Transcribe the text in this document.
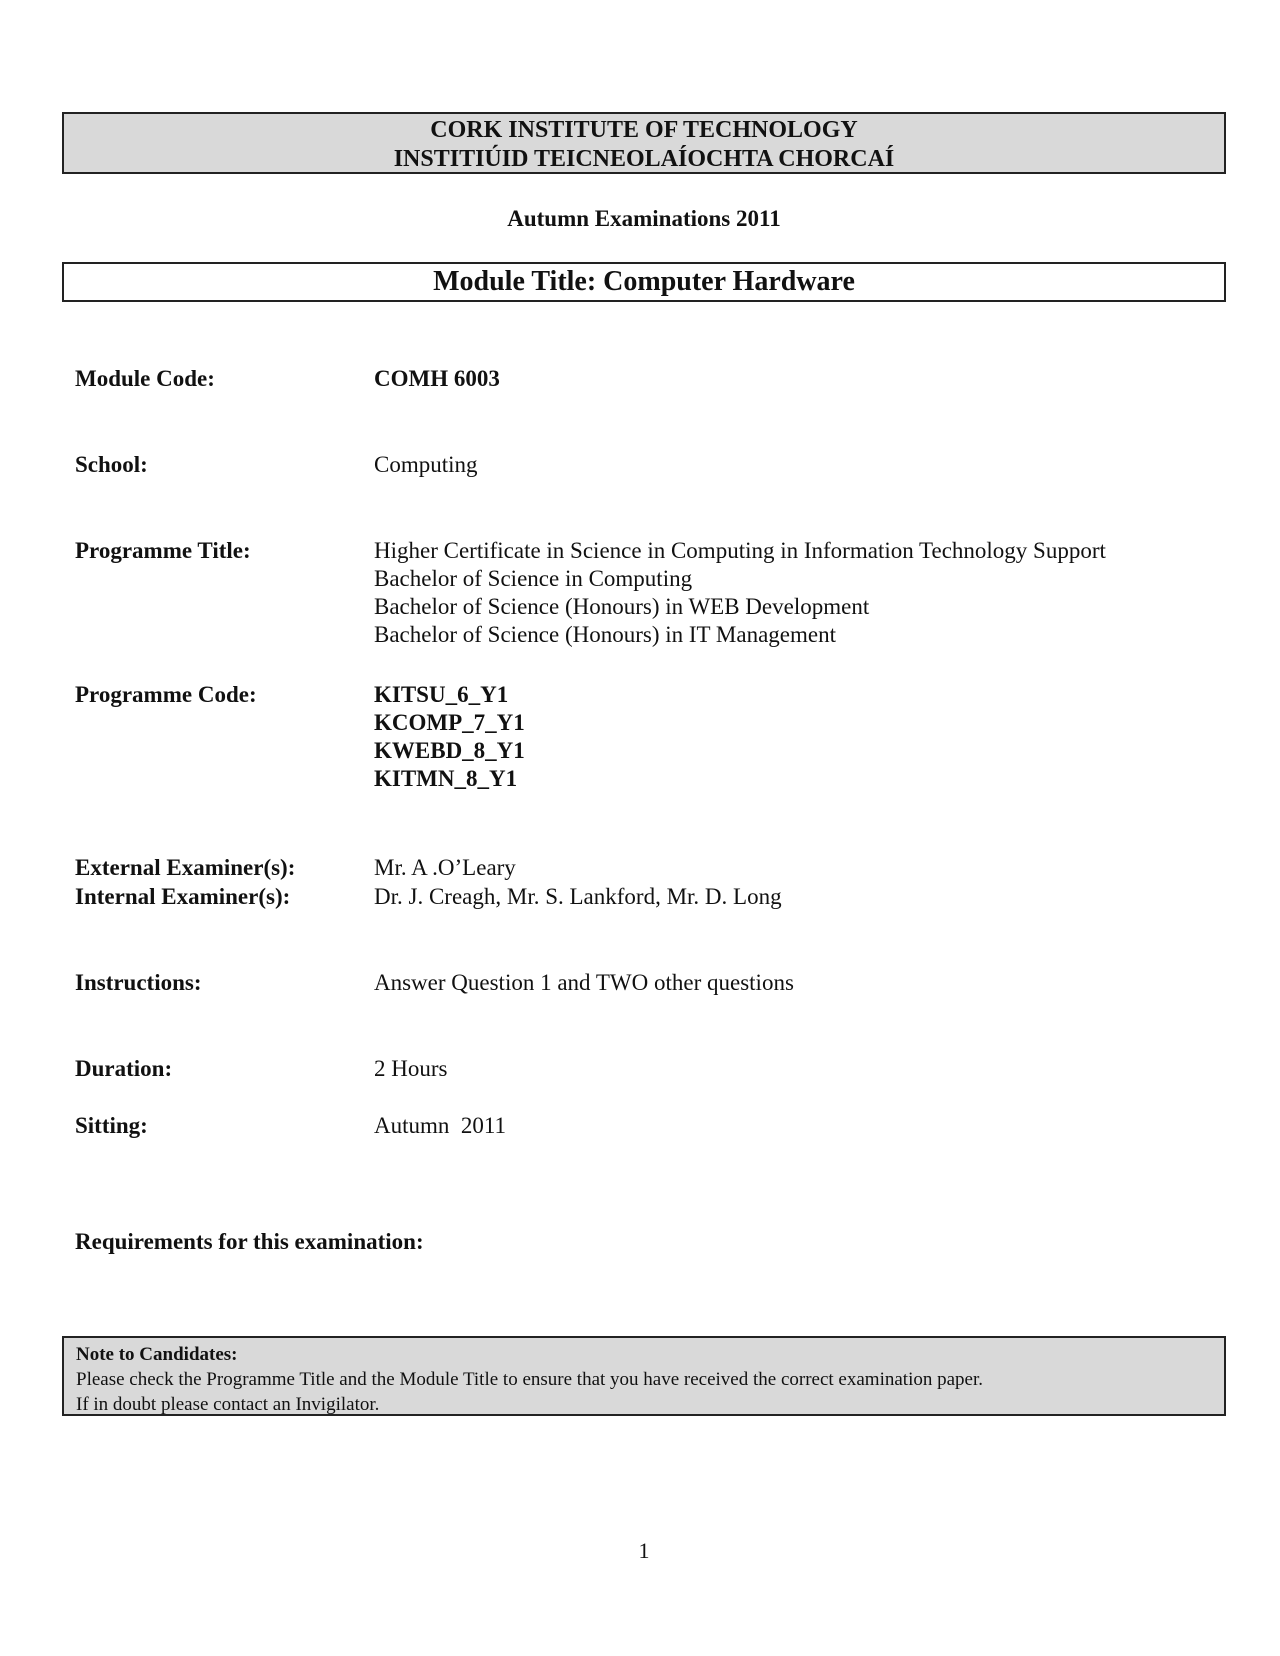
CORK INSTITUTE OF TECHNOLOGY
INSTITIÚID TEICNEOLAÍOCHTA CHORCAÍ
Autumn Examinations 2011
Module Title: Computer Hardware
Module Code:	COMH 6003
School:	Computing
Programme Title:	Higher Certificate in Science in Computing in Information Technology Support
Bachelor of Science in Computing
Bachelor of Science (Honours) in WEB Development
Bachelor of Science (Honours) in IT Management
Programme Code:	KITSU_6_Y1
KCOMP_7_Y1
KWEBD_8_Y1
KITMN_8_Y1
External Examiner(s):	Mr. A .O’Leary
Internal Examiner(s):	Dr. J. Creagh, Mr. S. Lankford, Mr. D. Long
Instructions:	Answer Question 1 and TWO other questions
Duration:	2 Hours
Sitting:	Autumn  2011
Requirements for this examination:
Note to Candidates:
Please check the Programme Title and the Module Title to ensure that you have received the correct examination paper.
If in doubt please contact an Invigilator.
1
